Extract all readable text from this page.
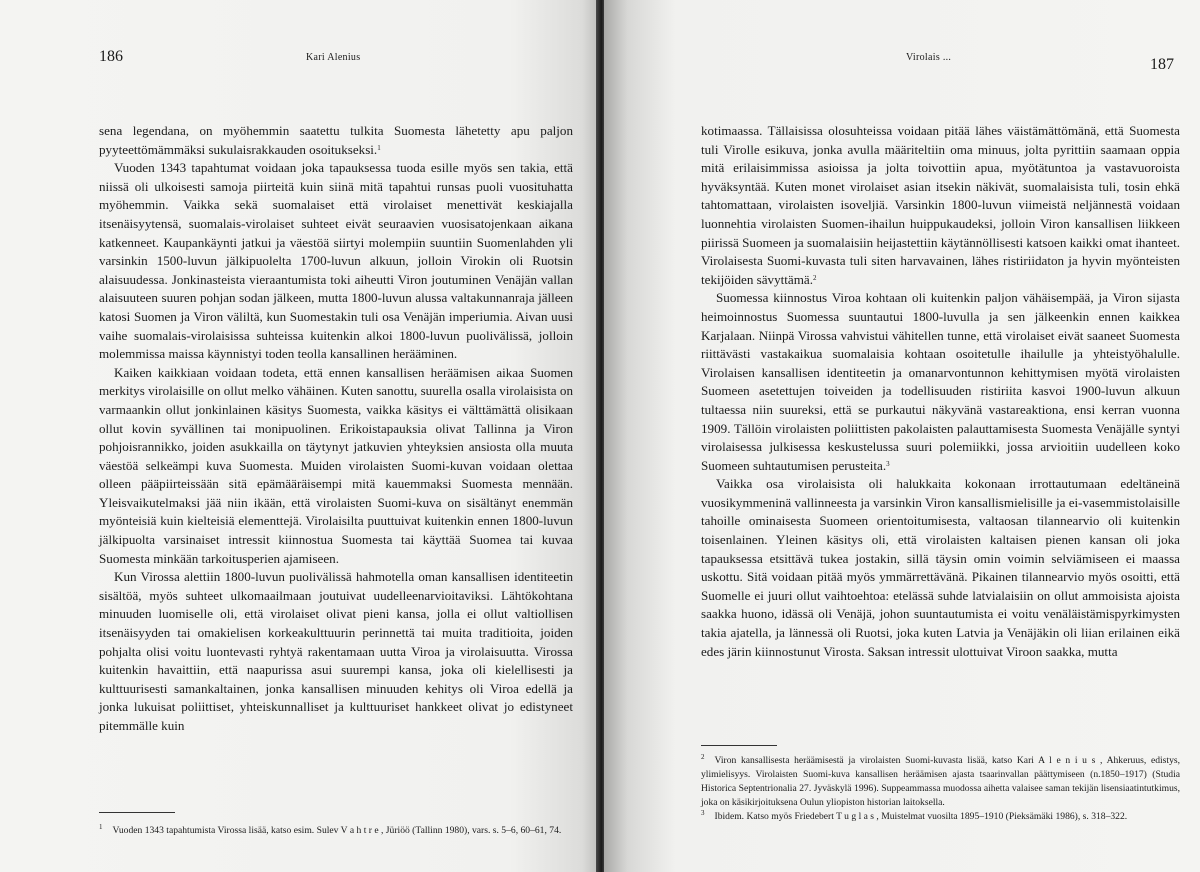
186	Kari Alenius

sena legendana, on myöhemmin saatettu tulkita Suomesta lähetetty apu paljon pyyteettömämmäksi sukulaisrakkauden osoitukseksi.$^1$

Vuoden 1343 tapahtumat voidaan joka tapauksessa tuoda esille myös sen takia, että niissä oli ulkoisesti samoja piirteitä kuin siinä mitä tapahtui runsas puoli vuosituhatta myöhemmin. Vaikka sekä suomalaiset että virolaiset menettivät keskiajalla itsenäisyytensä, suomalais-virolaiset suhteet eivät seuraavien vuosisatojenkaan aikana katkenneet. Kaupankäynti jatkui ja väestöä siirtyi molempiin suuntiin Suomenlahden yli varsinkin 1500-luvun jälkipuolelta 1700-luvun alkuun, jolloin Virokin oli Ruotsin alaisuudessa. Jonkinasteista vieraantumista toki aiheutti Viron joutuminen Venäjän vallan alaisuuteen suuren pohjan sodan jälkeen, mutta 1800-luvun alussa valtakunnanraja jälleen katosi Suomen ja Viron väliltä, kun Suomestakin tuli osa Venäjän imperiumia. Aivan uusi vaihe suomalais-virolaisissa suhteissa kuitenkin alkoi 1800-luvun puolivälissä, jolloin molemmissa maissa käynnistyi toden teolla kansallinen herääminen.

Kaiken kaikkiaan voidaan todeta, että ennen kansallisen heräämisen aikaa Suomen merkitys virolaisille on ollut melko vähäinen. Kuten sanottu, suurella osalla virolaisista on varmaankin ollut jonkinlainen käsitys Suomesta, vaikka käsitys ei välttämättä olisikaan ollut kovin syvällinen tai monipuolinen. Erikoistapauksia olivat Tallinna ja Viron pohjoisrannikko, joiden asukkailla on täytynyt jatkuvien yhteyksien ansiosta olla muuta väestöä selkeämpi kuva Suomesta. Muiden virolaisten Suomi-kuvan voidaan olettaa olleen pääpiirteissään sitä epämääräisempi mitä kauemmaksi Suomesta mennään. Yleisvaikutelmaksi jää niin ikään, että virolaisten Suomi-kuva on sisältänyt enemmän myönteisiä kuin kielteisiä elementtejä. Virolaisilta puuttuivat kuitenkin ennen 1800-luvun jälkipuolta varsinaiset intressit kiinnostua Suomesta tai käyttää Suomea tai kuvaa Suomesta minkään tarkoitusperien ajamiseen.

Kun Virossa alettiin 1800-luvun puolivälissä hahmotella oman kansallisen identiteetin sisältöä, myös suhteet ulkomaailmaan joutuivat uudelleenarvioitaviksi. Lähtökohtana minuuden luomiselle oli, että virolaiset olivat pieni kansa, jolla ei ollut valtiollisen itsenäisyyden tai omakielisen korkeakulttuurin perinnettä tai muita traditioita, joiden pohjalta olisi voitu luontevasti ryhtyä rakentamaan uutta Viroa ja virolaisuutta. Virossa kuitenkin havaittiin, että naapurissa asui suurempi kansa, joka oli kielellisesti ja kulttuurisesti samankaltainen, jonka kansallisen minuuden kehitys oli Viroa edellä ja jonka lukuisat poliittiset, yhteiskunnalliset ja kulttuuriset hankkeet olivat jo edistyneet pitemmälle kuin

$^1$ Vuoden 1343 tapahtumista Virossa lisää, katso esim. Sulev V a h t r e , Jüriöö (Tallinn 1980), vars. s. 5–6, 60–61, 74.

Virolais ...	187

kotimaassa. Tällaisissa olosuhteissa voidaan pitää lähes väistämättömänä, että Suomesta tuli Virolle esikuva, jonka avulla määriteltiin oma minuus, jolta pyrittiin saamaan oppia mitä erilaisimmissa asioissa ja jolta toivottiin apua, myötätuntoa ja vastavuoroista hyväksyntää. Kuten monet virolaiset asian itsekin näkivät, suomalaisista tuli, tosin ehkä tahtomattaan, virolaisten isoveljiä. Varsinkin 1800-luvun viimeistä neljännestä voidaan luonnehtia virolaisten Suomen-ihailun huippukaudeksi, jolloin Viron kansallisen liikkeen piirissä Suomeen ja suomalaisiin heijastettiin käytännöllisesti katsoen kaikki omat ihanteet. Virolaisesta Suomi-kuvasta tuli siten harvavainen, lähes ristiriidaton ja hyvin myönteisten tekijöiden sävyttämä.$^2$

Suomessa kiinnostus Viroa kohtaan oli kuitenkin paljon vähäisempää, ja Viron sijasta heimoinnostus Suomessa suuntautui 1800-luvulla ja sen jälkeenkin ennen kaikkea Karjalaan. Niinpä Virossa vahvistui vähitellen tunne, että virolaiset eivät saaneet Suomesta riittävästi vastakaikua suomalaisia kohtaan osoitetulle ihailulle ja yhteistyöhalulle. Virolaisen kansallisen identiteetin ja omanarvontunnon kehittymisen myötä virolaisten Suomeen asetettujen toiveiden ja todellisuuden ristiriita kasvoi 1900-luvun alkuun tultaessa niin suureksi, että se purkautui näkyvänä vastareaktiona, ensi kerran vuonna 1909. Tällöin virolaisten poliittisten pakolaisten palauttamisesta Suomesta Venäjälle syntyi virolaisessa julkisessa keskustelussa suuri polemiikki, jossa arvioitiin uudelleen koko Suomeen suhtautumisen perusteita.$^3$

Vaikka osa virolaisista oli halukkaita kokonaan irrottautumaan edeltäneinä vuosikymmeninä vallinneesta ja varsinkin Viron kansallismielisille ja ei-vasemmistolaisille tahoille ominaisesta Suomeen orientoitumisesta, valtaosan tilannearvio oli kuitenkin toisenlainen. Yleinen käsitys oli, että virolaisten kaltaisen pienen kansan oli joka tapauksessa etsittävä tukea jostakin, sillä täysin omin voimin selviämiseen ei maassa uskottu. Sitä voidaan pitää myös ymmärrettävänä. Pikainen tilannearvio myös osoitti, että Suomelle ei juuri ollut vaihtoehtoa: etelässä suhde latvialaisiin on ollut ammoisista ajoista saakka huono, idässä oli Venäjä, johon suuntautumista ei voitu venäläistämispyrkimysten takia ajatella, ja lännessä oli Ruotsi, joka kuten Latvia ja Venäjäkin oli liian erilainen eikä edes järin kiinnostunut Virosta. Saksan intressit ulottuivat Viroon saakka, mutta

$^2$ Viron kansallisesta heräämisestä ja virolaisten Suomi-kuvasta lisää, katso Kari A l e n i u s , Ahkeruus, edistys, ylimielisyys. Virolaisten Suomi-kuva kansallisen heräämisen ajasta tsaarinvallan päättymiseen (n.1850–1917) (Studia Historica Septentrionalia 27. Jyväskylä 1996). Suppeammassa muodossa aihetta valaisee saman tekijän lisensiaatintutkimus, joka on käsikirjoituksena Oulun yliopiston historian laitoksella.

$^3$ Ibidem. Katso myös Friedebert T u g l a s , Muistelmat vuosilta 1895–1910 (Pieksämäki 1986), s. 318–322.
